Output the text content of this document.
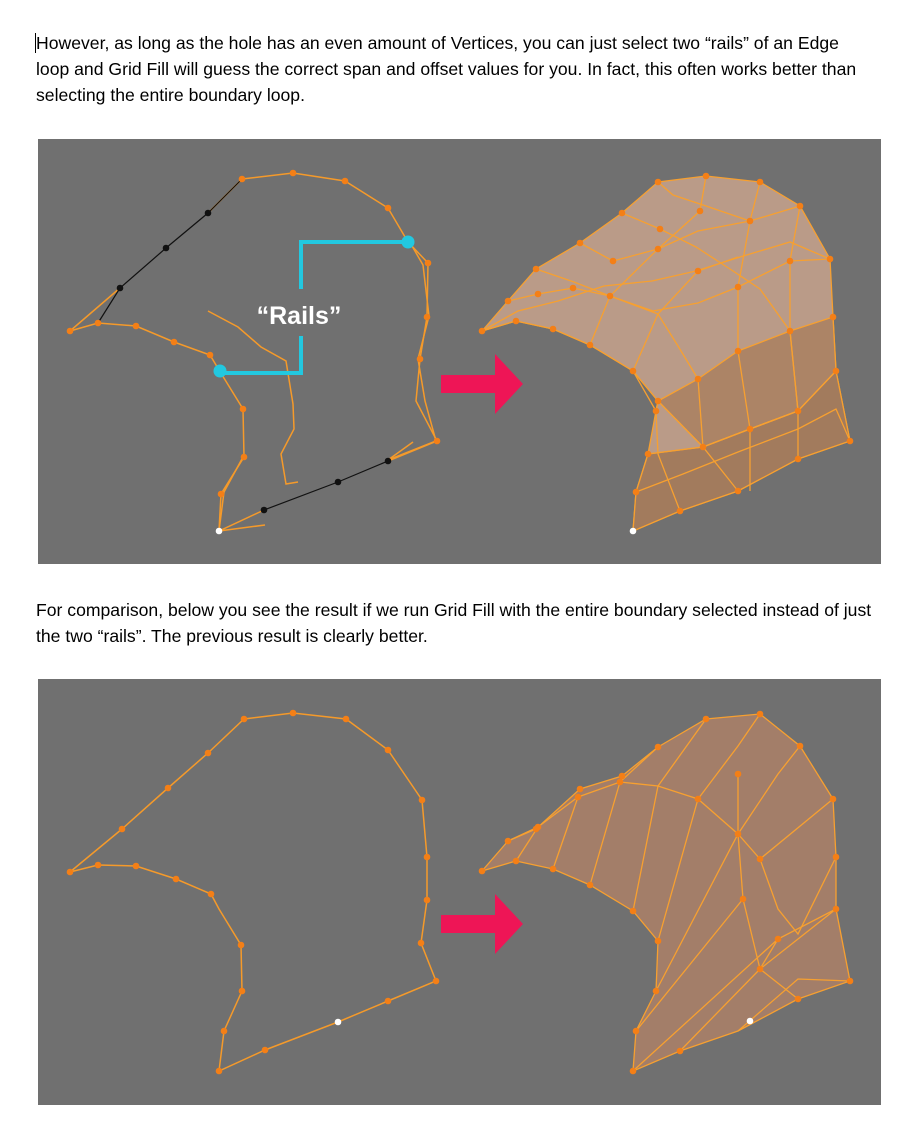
However, as long as the hole has an even amount of Vertices, you can just select two “rails” of an Edge loop and Grid Fill will guess the correct span and offset values for you. In fact, this often works better than selecting the entire boundary loop.

“Rails”

For comparison, below you see the result if we run Grid Fill with the entire boundary selected instead of just the two “rails”. The previous result is clearly better.
